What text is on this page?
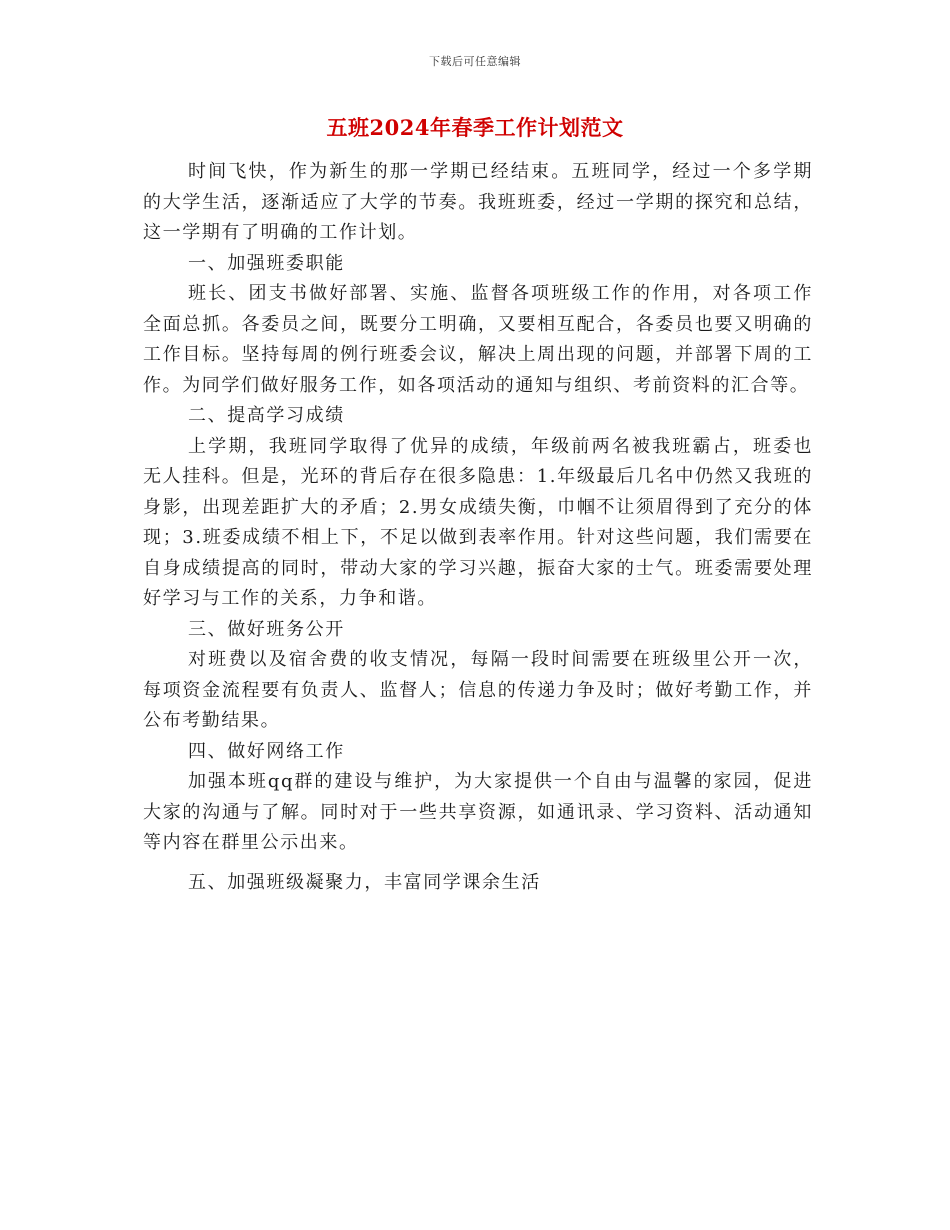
下载后可任意编辑
五班2024年春季工作计划范文

时间飞快，作为新生的那一学期已经结束。五班同学，经过一个多学期的大学生活，逐渐适应了大学的节奏。我班班委，经过一学期的探究和总结，这一学期有了明确的工作计划。

一、加强班委职能

班长、团支书做好部署、实施、监督各项班级工作的作用，对各项工作全面总抓。各委员之间，既要分工明确，又要相互配合，各委员也要又明确的工作目标。坚持每周的例行班委会议，解决上周出现的问题，并部署下周的工作。为同学们做好服务工作，如各项活动的通知与组织、考前资料的汇合等。

二、提高学习成绩

上学期，我班同学取得了优异的成绩，年级前两名被我班霸占，班委也无人挂科。但是，光环的背后存在很多隐患：1.年级最后几名中仍然又我班的身影，出现差距扩大的矛盾；2.男女成绩失衡，巾帼不让须眉得到了充分的体现；3.班委成绩不相上下，不足以做到表率作用。针对这些问题，我们需要在自身成绩提高的同时，带动大家的学习兴趣，振奋大家的士气。班委需要处理好学习与工作的关系，力争和谐。

三、做好班务公开

对班费以及宿舍费的收支情况，每隔一段时间需要在班级里公开一次，每项资金流程要有负责人、监督人；信息的传递力争及时；做好考勤工作，并公布考勤结果。

四、做好网络工作

加强本班qq群的建设与维护，为大家提供一个自由与温馨的家园，促进大家的沟通与了解。同时对于一些共享资源，如通讯录、学习资料、活动通知等内容在群里公示出来。

五、加强班级凝聚力，丰富同学课余生活
